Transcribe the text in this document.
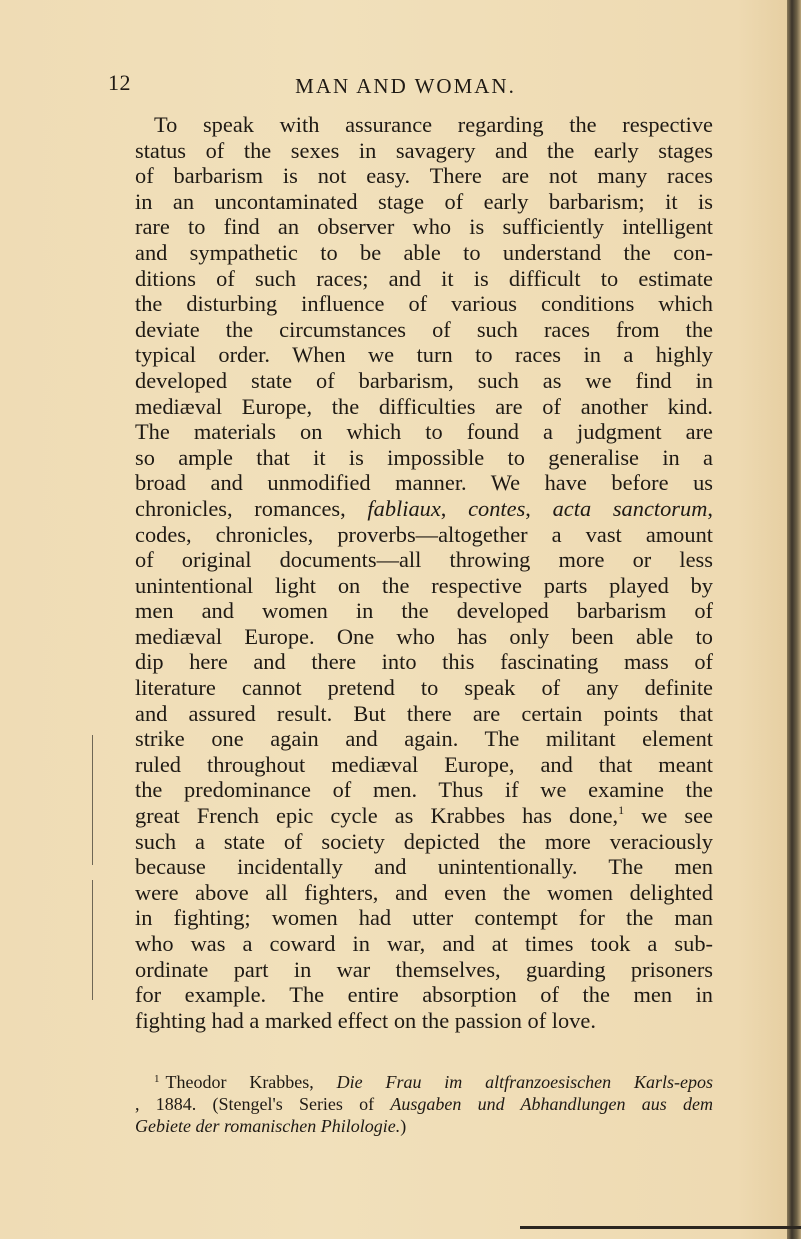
12	MAN AND WOMAN.
To speak with assurance regarding the respective
status of the sexes in savagery and the early stages
of barbarism is not easy. There are not many races
in an uncontaminated stage of early barbarism; it is
rare to find an observer who is sufficiently intelligent
and sympathetic to be able to understand the con-
ditions of such races; and it is difficult to estimate
the disturbing influence of various conditions which
deviate the circumstances of such races from the
typical order. When we turn to races in a highly
developed state of barbarism, such as we find in
mediæval Europe, the difficulties are of another kind.
The materials on which to found a judgment are
so ample that it is impossible to generalise in a
broad and unmodified manner. We have before us
chronicles, romances, fabliaux, contes, acta sanctorum,
codes, chronicles, proverbs—altogether a vast amount
of original documents—all throwing more or less
unintentional light on the respective parts played by
men and women in the developed barbarism of
mediæval Europe. One who has only been able to
dip here and there into this fascinating mass of
literature cannot pretend to speak of any definite
and assured result. But there are certain points that
strike one again and again. The militant element
ruled throughout mediæval Europe, and that meant
the predominance of men. Thus if we examine the
great French epic cycle as Krabbes has done,$^1$ we see
such a state of society depicted the more veraciously
because incidentally and unintentionally. The men
were above all fighters, and even the women delighted
in fighting; women had utter contempt for the man
who was a coward in war, and at times took a sub-
ordinate part in war themselves, guarding prisoners
for example. The entire absorption of the men in
fighting had a marked effect on the passion of love.
$^1$ Theodor Krabbes, Die Frau im altfranzoesischen Karls-epos
, 1884. (Stengel's Series of Ausgaben und Abhandlungen aus dem
Gebiete der romanischen Philologie.)
